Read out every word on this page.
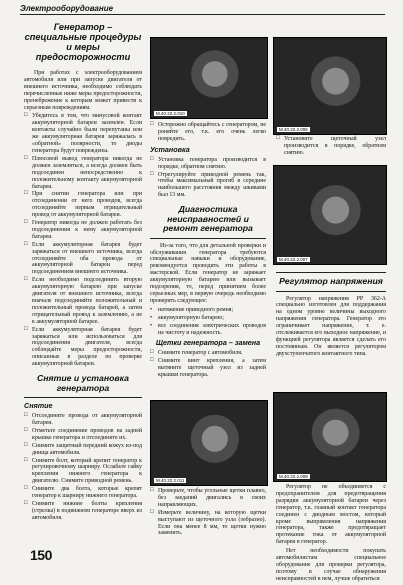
Электрооборудование
Генератор – специальные процедуры и меры предосторожности

При работах с электрооборудованием автомобиля или при запуске двигателя от внешнего источника, необходимо соблюдать перечисленные ниже меры предосторожности, пренебрежение к которым может привести к серьезным повреждениям.

□ Убедитесь в том, что минусовой контакт аккумуляторной батареи заземлен. Если контакты случайно были перепутаны или же аккумуляторная батарея заряжалась в «обратной» полярности, то диоды генератора будут повреждены.
□ Плюсовой вывод генератора никогда не должен заземляться, а всегда должен быть подсоединен непосредственно к положительному контакту аккумуляторной батареи.
□ При снятии генератора или при отсоединении от него проводов, всегда отсоединяйте первым отрицательный провод от аккумуляторной батареи.
□ Генератор никогда не должен работать без подсоединения к нему аккумуляторной батареи.
□ Если аккумуляторная батарея будет заряжаться от внешнего источника, всегда отсоединяйте оба провода от аккумуляторной батареи перед подсоединением внешнего источника.
□ Если необходимо подсоединить вторую аккумуляторную батарею при запуске двигателя от внешнего источника, всегда вначале подсоединяйте положительный и положительный провода батарей, а затем отрицательный провод к заземлению, а не к аккумуляторной батарее.
□ Если аккумуляторная батарея будет заряжаться или использоваться для подсоединения двигателя, всегда соблюдайте меры предосторожности, описанные в разделе по проверке аккумуляторной батареи.
Снятие и установка генератора
Снятие
□ Отсоедините провода от аккумуляторной батареи.
□ Отметьте соединение проводов на задней крышке генератора и отсоедините их.
□ Снимите защитный передний кожух из-под днища автомобиля.
□ Снимите болт, который крепит генератор к регулировочному шарниру. Ослабьте гайку крепления нижнего генератора к двигателю. Снимите приводной ремень.
□ Снимите два болта, которые крепят генератор к шарниру нижнего генератора.
□ Снимите нижние болты крепления (стрелка) в подвижном генераторе вверх из автомобиля.
M.40.22.2.010
M.40.22.2.006
M.40.22.2.007
M.40.22.2.011
M.40.22.2.008
□ Осторожно обращайтесь с генератором, не роняйте его, т.к. его очень легко повредить.
Установка
□ Установка генератора производится в порядке, обратном снятию.
□ Отрегулируйте приводной ремень так, чтобы максимальный прогиб в середине наибольшего расстояния между шкивами был 13 мм.
Диагностика неисправностей и ремонт генератора

Из-за того, что для детальной проверки и обслуживания генератора требуются специальные навыки и оборудование, рекомендуется проводить эти работы в мастерской. Если генератор не заряжает аккумуляторную батарею или вызывает подозрения, то, перед принятием более серьезных мер, в первую очередь необходимо проверить следующее:

• натяжение приводного ремня;
• аккумуляторную батарею;
• все соединения электрических проводов на чистоту и надежность.
Щетки генератора – замена
□ Снимите генератор с автомобиля.
□ Снимите винт крепления, а затем вытяните щеточный узел из задней крышки генератора.
□ Проверьте, чтобы угольные щетки плавно, без заеданий двигались в своих направляющих.
□ Измерьте величину, на которую щетки выступают из щеточного узла (зобразно). Если она менее 8 мм, то щетки нужно заменить.
□ Установите щеточный узел производится в порядке, обратном снятию.
Регулятор напряжения

Регулятор напряжения РР 362-А специально изготовлен для поддержания на одном уровне величины выходного напряжения генератора. Генератор это ограничивает напряжение, т. е. отслеживается его выходное напряжение, и функцией регулятора является сделать его постоянным. Он является регулятором двухступенчатого контактного типа.

Регулятор не объединяется с предохранителем для предотвращения разрядки аккумуляторной батареи через генератор, т.к. главный контакт генератора соединен с диодным мостом, который кроме выпрямления напряжения генератора, также предотвращает протекание тока от аккумуляторной батареи в генератор.

Нет необходимости покупать автомобилистам специальное оборудование для проверки регулятора, поэтому в случае обнаружения неисправностей в нем, лучше обратиться

150
